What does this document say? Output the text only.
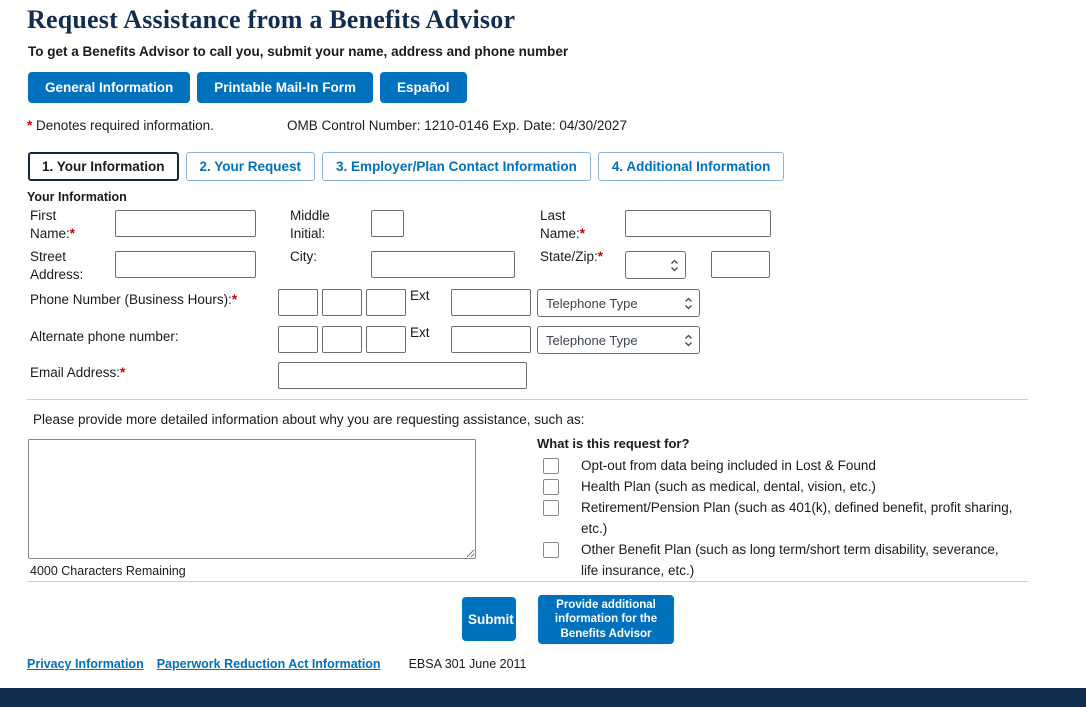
Request Assistance from a Benefits Advisor

To get a Benefits Advisor to call you, submit your name, address and phone number

General Information	Printable Mail-In Form	Español
* Denotes required information.	OMB Control Number: 1210-0146 Exp. Date: 04/30/2027
1. Your Information	2. Your Request	3. Employer/Plan Contact Information	4. Additional Information
Your Information
First Name:*
Middle Initial:
Last Name:*
Street Address:
City:	State/Zip:*
Phone Number (Business Hours):*	Ext	Telephone Type
Alternate phone number:	Ext	Telephone Type
Email Address:*
Please provide more detailed information about why you are requesting assistance, such as:
4000 Characters Remaining
What is this request for?
Opt-out from data being included in Lost & Found
Health Plan (such as medical, dental, vision, etc.)
Retirement/Pension Plan (such as 401(k), defined benefit, profit sharing, etc.)
Other Benefit Plan (such as long term/short term disability, severance, life insurance, etc.)
Submit
Provide additional information for the Benefits Advisor
Privacy Information Paperwork Reduction Act Information EBSA 301 June 2011
